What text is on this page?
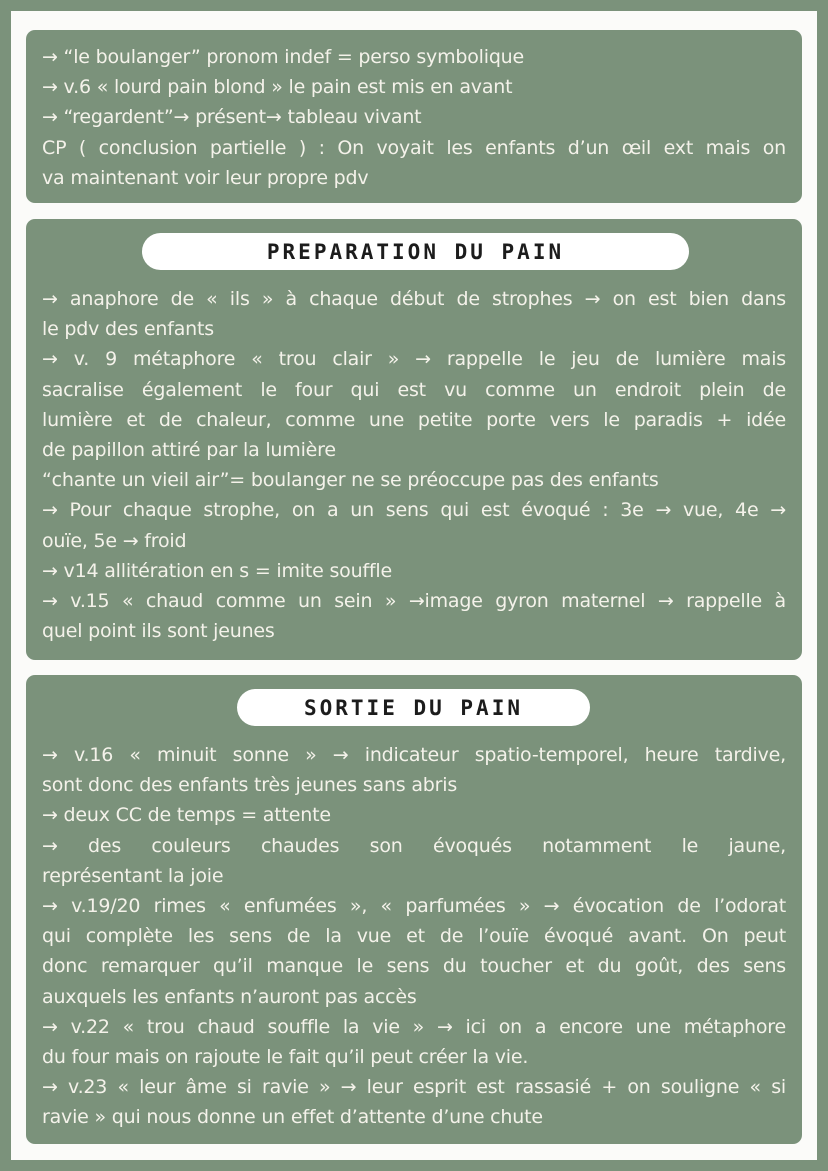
→ “le boulanger” pronom indef = perso symbolique
→ v.6 « lourd pain blond » le pain est mis en avant
→ “regardent”→ présent→ tableau vivant
CP ( conclusion partielle ) : On voyait les enfants d’un œil ext mais on
va maintenant voir leur propre pdv
PREPARATION DU PAIN
→ anaphore de « ils » à chaque début de strophes → on est bien dans
le pdv des enfants
→ v. 9 métaphore « trou clair » → rappelle le jeu de lumière mais
sacralise également le four qui est vu comme un endroit plein de
lumière et de chaleur, comme une petite porte vers le paradis + idée
de papillon attiré par la lumière
“chante un vieil air”= boulanger ne se préoccupe pas des enfants
→ Pour chaque strophe, on a un sens qui est évoqué : 3e → vue, 4e →
ouïe, 5e → froid
→ v14 allitération en s = imite souffle
→ v.15 « chaud comme un sein » →image gyron maternel → rappelle à
quel point ils sont jeunes
SORTIE DU PAIN
→ v.16 « minuit sonne » → indicateur spatio-temporel, heure tardive,
sont donc des enfants très jeunes sans abris
→ deux CC de temps = attente
→ des couleurs chaudes son évoqués notamment le jaune,
représentant la joie
→ v.19/20 rimes « enfumées », « parfumées » → évocation de l’odorat
qui complète les sens de la vue et de l’ouïe évoqué avant. On peut
donc remarquer qu’il manque le sens du toucher et du goût, des sens
auxquels les enfants n’auront pas accès
→ v.22 « trou chaud souffle la vie » → ici on a encore une métaphore
du four mais on rajoute le fait qu’il peut créer la vie.
→ v.23 « leur âme si ravie » → leur esprit est rassasié + on souligne « si
ravie » qui nous donne un effet d’attente d’une chute
